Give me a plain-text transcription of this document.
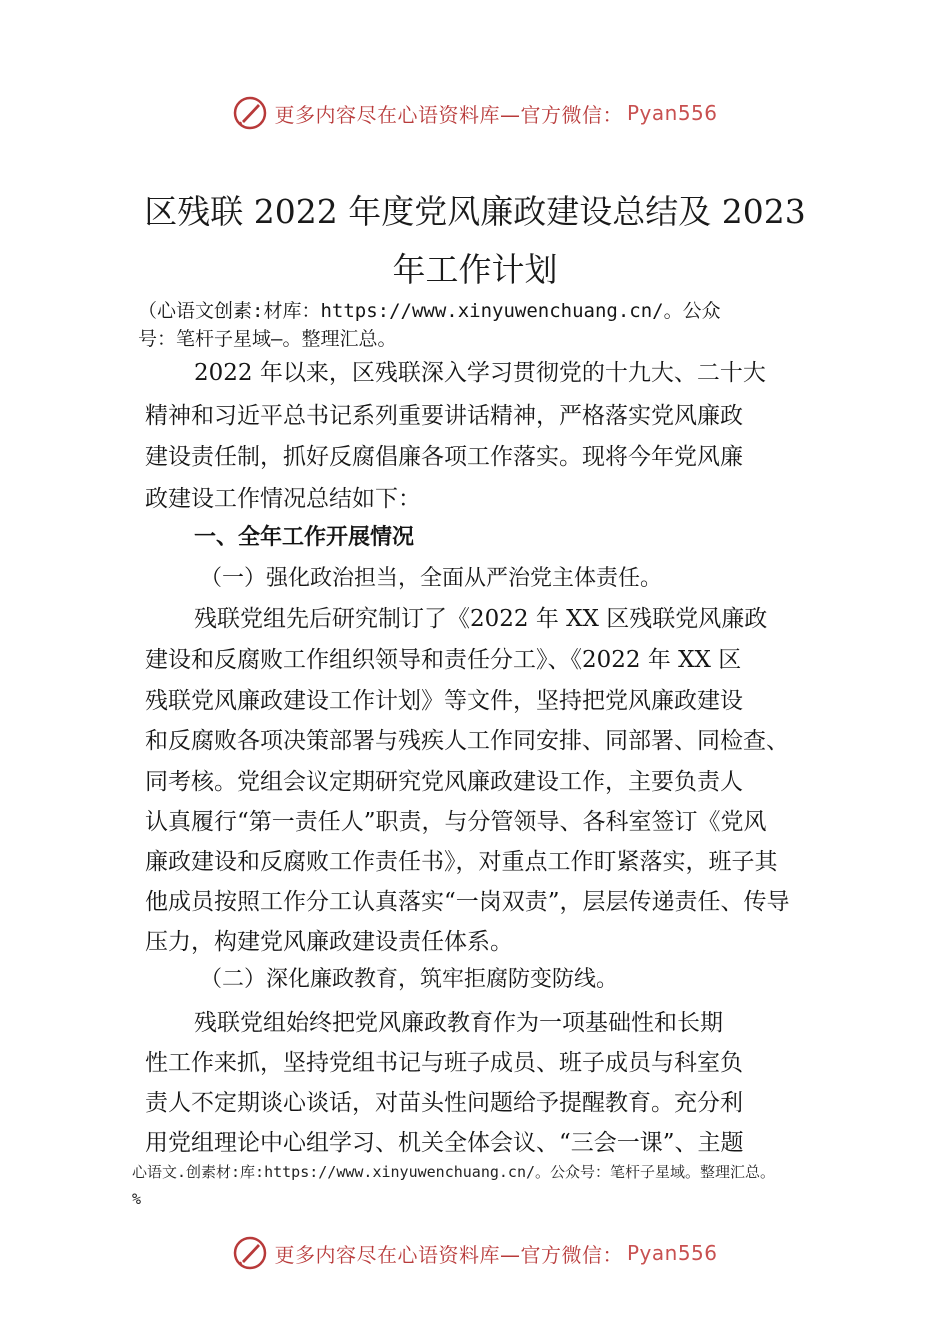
更多内容尽在心语资料库—官方微信： Pyan556
区残联 2022 年度党风廉政建设总结及 2023
年工作计划
（心语文创素:材库：https://www.xinyuwenchuang.cn/。公众
号：笔杆子星域—。整理汇总。
2022 年以来，区残联深入学习贯彻党的十九大、二十大
精神和习近平总书记系列重要讲话精神，严格落实党风廉政
建设责任制，抓好反腐倡廉各项工作落实。现将今年党风廉
政建设工作情况总结如下：
一、全年工作开展情况
（一）强化政治担当，全面从严治党主体责任。
残联党组先后研究制订了《2022 年 XX 区残联党风廉政
建设和反腐败工作组织领导和责任分工》、《2022 年 XX 区
残联党风廉政建设工作计划》等文件，坚持把党风廉政建设
和反腐败各项决策部署与残疾人工作同安排、同部署、同检查、
同考核。党组会议定期研究党风廉政建设工作，主要负责人
认真履行“第一责任人”职责，与分管领导、各科室签订《党风
廉政建设和反腐败工作责任书》，对重点工作盯紧落实，班子其
他成员按照工作分工认真落实“一岗双责”，层层传递责任、传导
压力，构建党风廉政建设责任体系。
（二）深化廉政教育，筑牢拒腐防变防线。
残联党组始终把党风廉政教育作为一项基础性和长期
性工作来抓，坚持党组书记与班子成员、班子成员与科室负
责人不定期谈心谈话，对苗头性问题给予提醒教育。充分利
用党组理论中心组学习、机关全体会议、“三会一课”、主题
心语文.创素材:库:https://www.xinyuwenchuang.cn/。公众号：笔杆子星域。整理汇总。
%
更多内容尽在心语资料库—官方微信： Pyan556
